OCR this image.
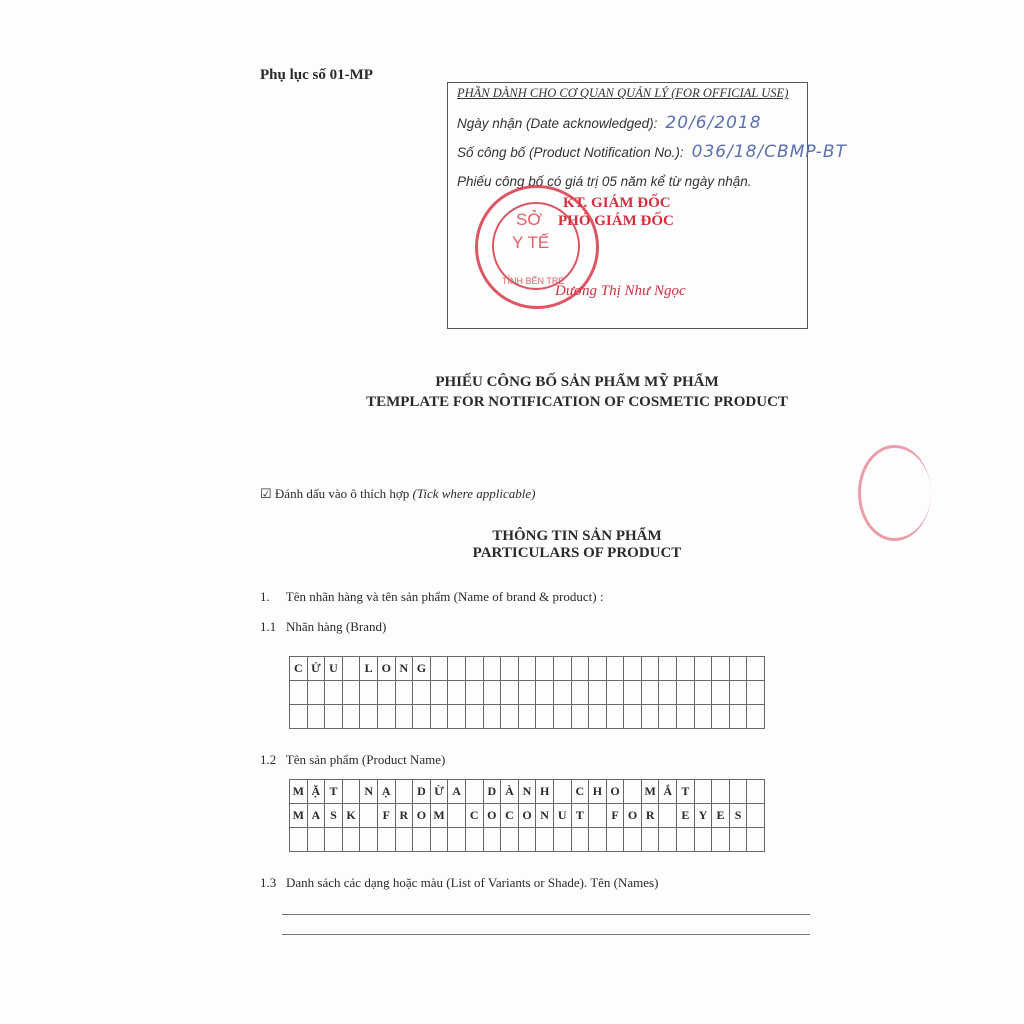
Phụ lục số 01-MP
PHẦN DÀNH CHO CƠ QUAN QUẢN LÝ (FOR OFFICIAL USE)
Ngày nhận (Date acknowledged): 20/6/2018
Số công bố (Product Notification No.): 036/18/CBMP-BT
Phiếu công bố có giá trị 05 năm kể từ ngày nhận.
KT. GIÁM ĐỐC
PHÓ GIÁM ĐỐC
SỞ
Y TẾ
TỈNH BẾN TRE
Dương Thị Như Ngọc
PHIẾU CÔNG BỐ SẢN PHẨM MỸ PHẨM
TEMPLATE FOR NOTIFICATION OF COSMETIC PRODUCT
☑ Đánh dấu vào ô thích hợp (Tick where applicable)
THÔNG TIN SẢN PHẨM
PARTICULARS OF PRODUCT
1.     Tên nhãn hàng và tên sản phẩm (Name of brand & product) :
1.1   Nhãn hàng (Brand)
C	Ử	U		L	O	N	G																			

1.2   Tên sản phẩm (Product Name)
M	Ặ	T		N	Ạ		D	Ừ	A		D	À	N	H		C	H	O		M	Ắ	T				
M	A	S	K		F	R	O	M		C	O	C	O	N	U	T		F	O	R		E	Y	E	S	

1.3   Danh sách các dạng hoặc màu (List of Variants or Shade). Tên (Names)
